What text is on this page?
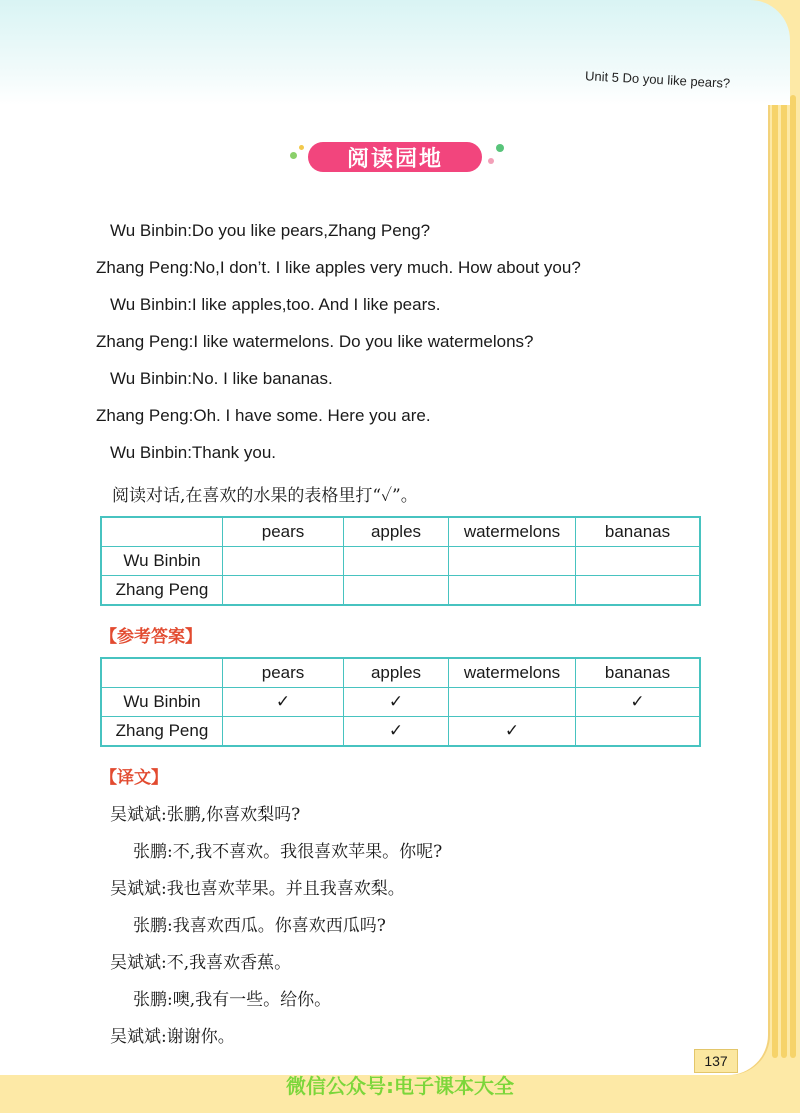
Unit 5 Do you like pears?
阅读园地
Wu Binbin:Do you like pears,Zhang Peng?
Zhang Peng:No,I don’t. I like apples very much. How about you?
Wu Binbin:I like apples,too. And I like pears.
Zhang Peng:I like watermelons. Do you like watermelons?
Wu Binbin:No. I like bananas.
Zhang Peng:Oh. I have some. Here you are.
Wu Binbin:Thank you.
阅读对话,在喜欢的水果的表格里打“✓”。
	pears	apples	watermelons	bananas
Wu Binbin				
Zhang Peng				
【参考答案】
	pears	apples	watermelons	bananas
Wu Binbin	✓	✓		✓
Zhang Peng		✓	✓	
【译文】
吴斌斌:张鹏,你喜欢梨吗?
张鹏:不,我不喜欢。我很喜欢苹果。你呢?
吴斌斌:我也喜欢苹果。并且我喜欢梨。
张鹏:我喜欢西瓜。你喜欢西瓜吗?
吴斌斌:不,我喜欢香蕉。
张鹏:噢,我有一些。给你。
吴斌斌:谢谢你。
137
微信公众号:电子课本大全
